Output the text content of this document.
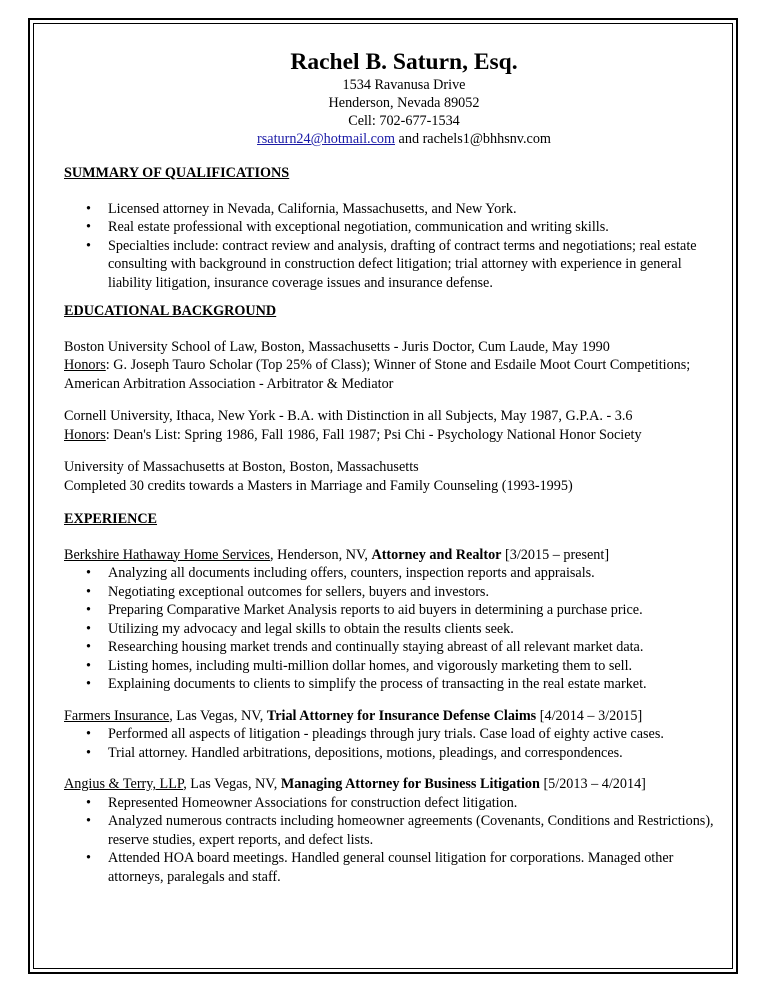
Rachel B. Saturn, Esq.
1534 Ravanusa Drive
Henderson, Nevada 89052
Cell: 702-677-1534
rsaturn24@hotmail.com and rachels1@bhhsnv.com
SUMMARY OF QUALIFICATIONS
• Licensed attorney in Nevada, California, Massachusetts, and New York.
• Real estate professional with exceptional negotiation, communication and writing skills.
• Specialties include: contract review and analysis, drafting of contract terms and negotiations; real estate consulting with background in construction defect litigation; trial attorney with experience in general liability litigation, insurance coverage issues and insurance defense.
EDUCATIONAL BACKGROUND
Boston University School of Law, Boston, Massachusetts - Juris Doctor, Cum Laude, May 1990
Honors: G. Joseph Tauro Scholar (Top 25% of Class); Winner of Stone and Esdaile Moot Court Competitions; American Arbitration Association - Arbitrator & Mediator
Cornell University, Ithaca, New York - B.A. with Distinction in all Subjects, May 1987, G.P.A. - 3.6
Honors: Dean's List: Spring 1986, Fall 1986, Fall 1987; Psi Chi - Psychology National Honor Society
University of Massachusetts at Boston, Boston, Massachusetts
Completed 30 credits towards a Masters in Marriage and Family Counseling (1993-1995)
EXPERIENCE
Berkshire Hathaway Home Services, Henderson, NV, Attorney and Realtor [3/2015 – present]
• Analyzing all documents including offers, counters, inspection reports and appraisals.
• Negotiating exceptional outcomes for sellers, buyers and investors.
• Preparing Comparative Market Analysis reports to aid buyers in determining a purchase price.
• Utilizing my advocacy and legal skills to obtain the results clients seek.
• Researching housing market trends and continually staying abreast of all relevant market data.
• Listing homes, including multi-million dollar homes, and vigorously marketing them to sell.
• Explaining documents to clients to simplify the process of transacting in the real estate market.
Farmers Insurance, Las Vegas, NV, Trial Attorney for Insurance Defense Claims [4/2014 – 3/2015]
• Performed all aspects of litigation - pleadings through jury trials. Case load of eighty active cases.
• Trial attorney. Handled arbitrations, depositions, motions, pleadings, and correspondences.
Angius & Terry, LLP, Las Vegas, NV, Managing Attorney for Business Litigation [5/2013 – 4/2014]
• Represented Homeowner Associations for construction defect litigation.
• Analyzed numerous contracts including homeowner agreements (Covenants, Conditions and Restrictions), reserve studies, expert reports, and defect lists.
• Attended HOA board meetings. Handled general counsel litigation for corporations. Managed other attorneys, paralegals and staff.
